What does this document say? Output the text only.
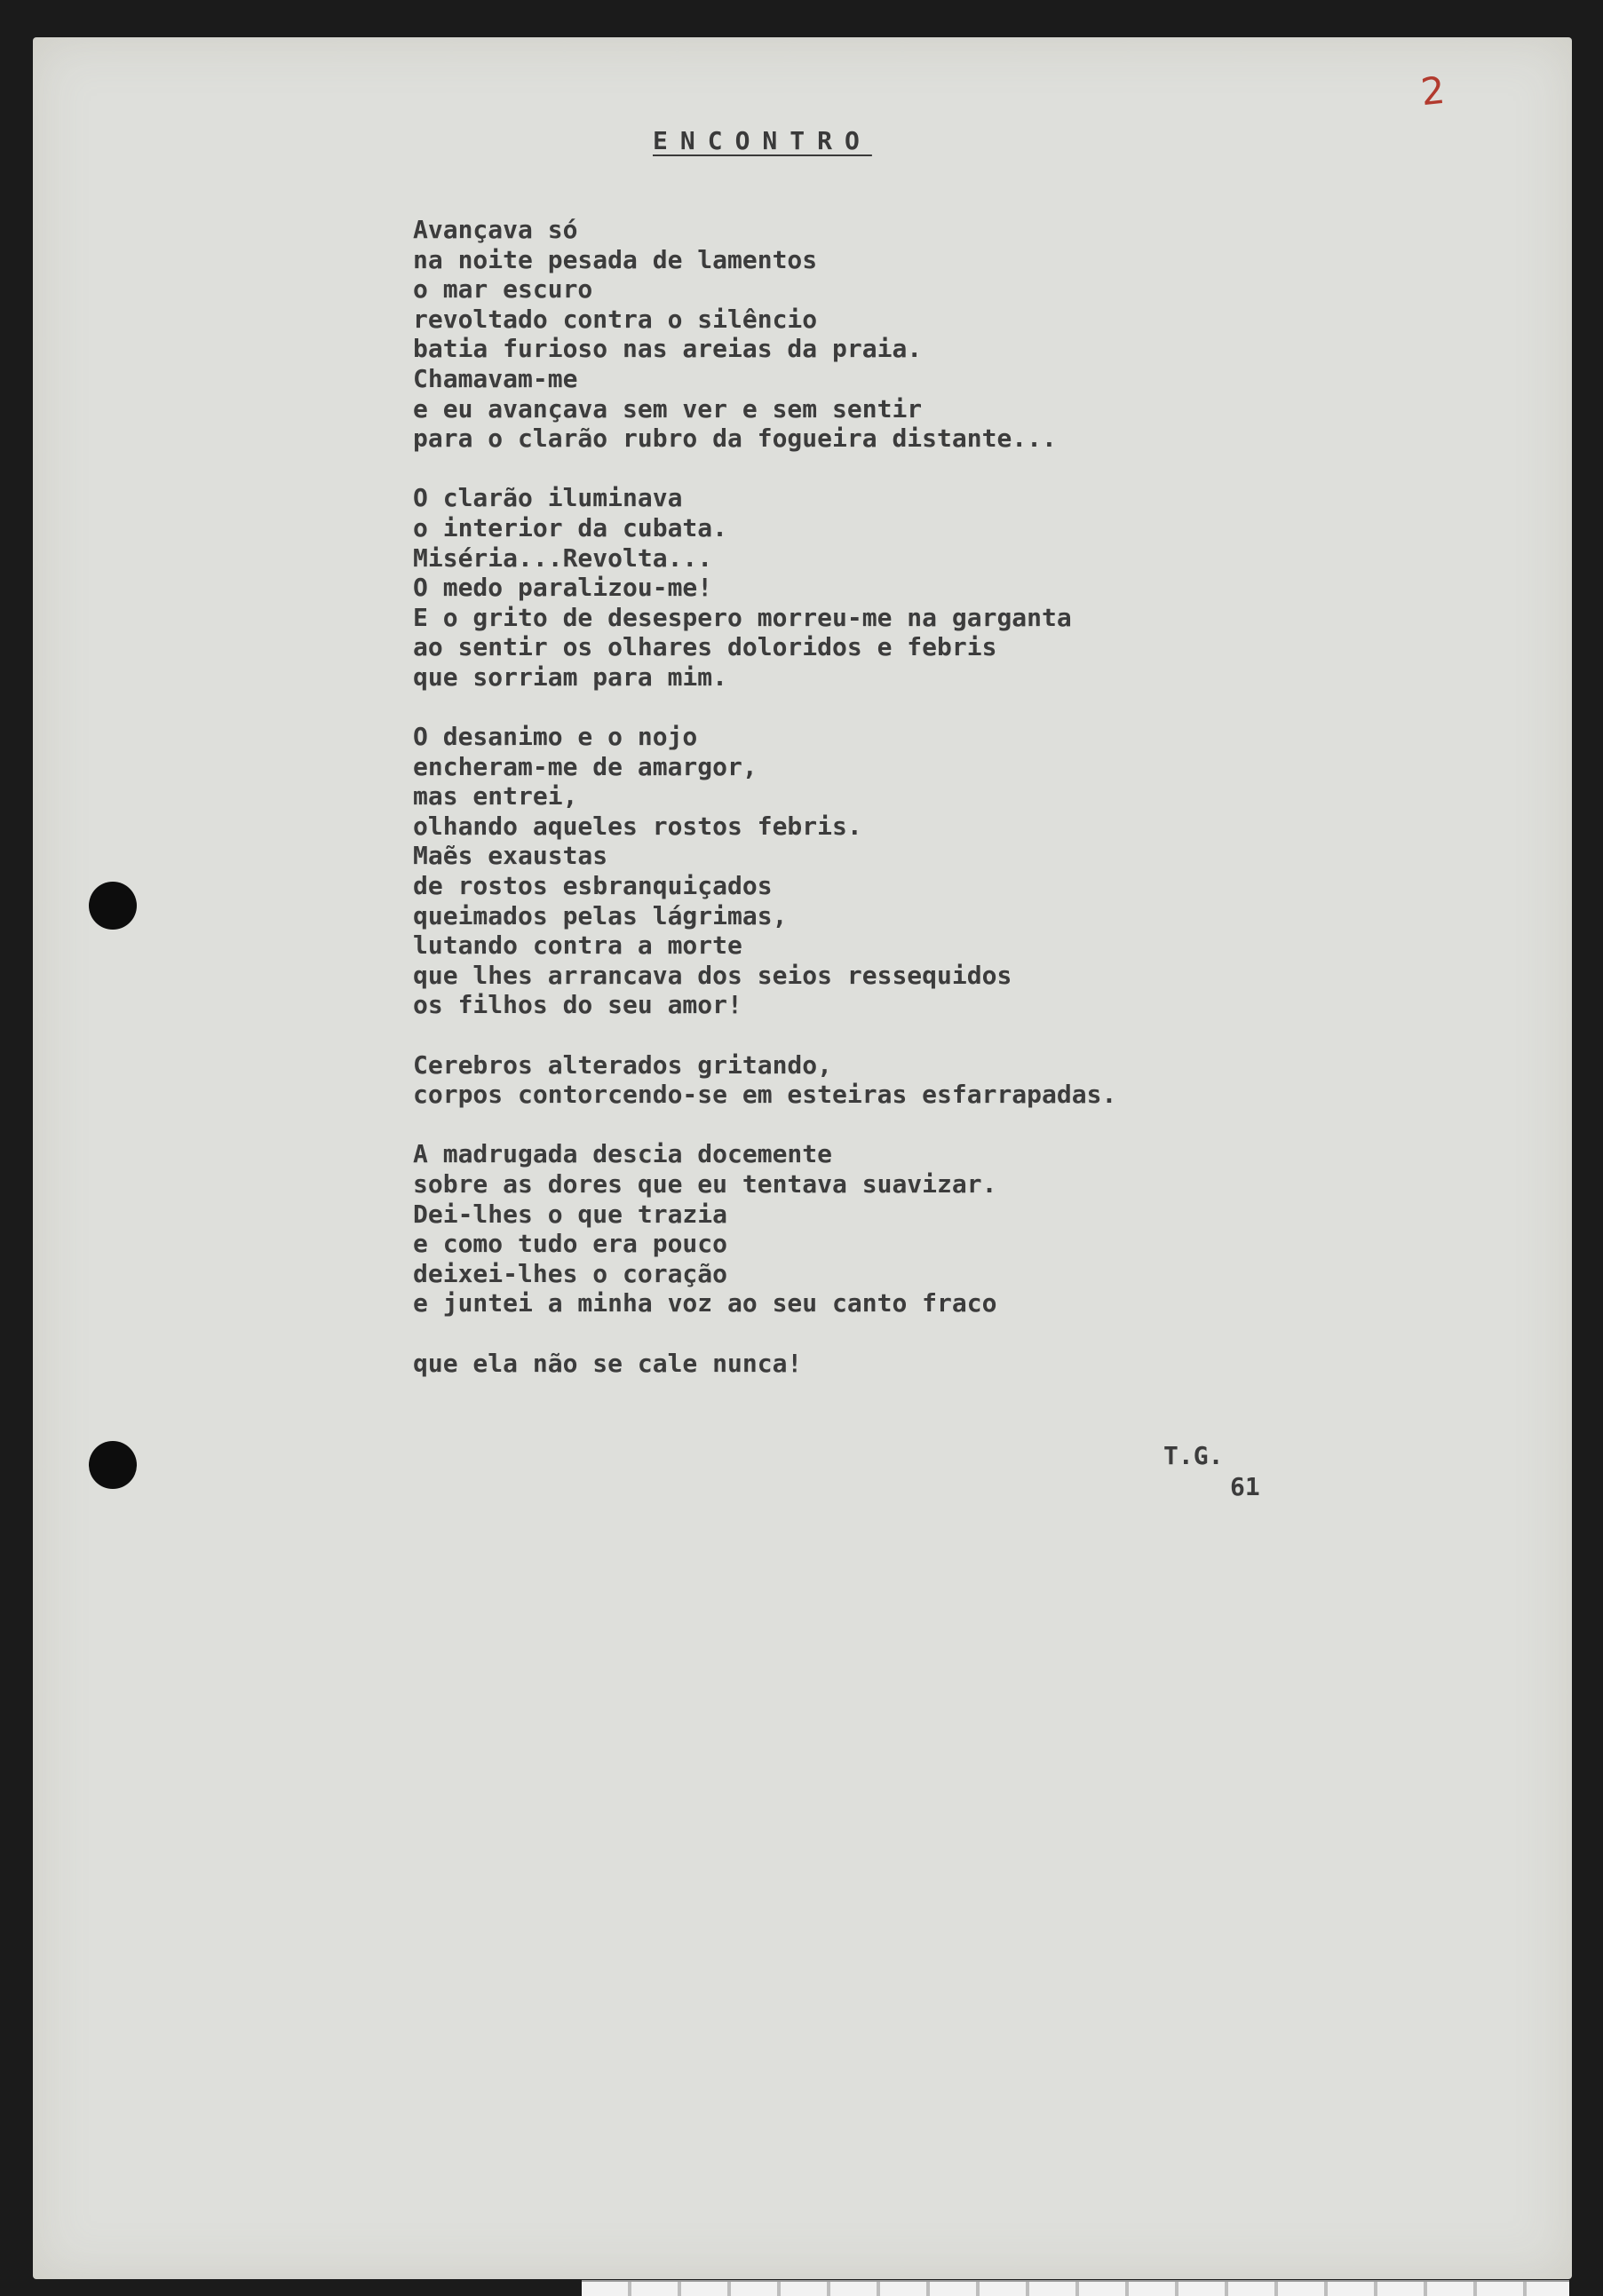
2
ENCONTRO
Avançava só
na noite pesada de lamentos
o mar escuro
revoltado contra o silêncio
batia furioso nas areias da praia.
Chamavam-me
e eu avançava sem ver e sem sentir
para o clarão rubro da fogueira distante...
O clarão iluminava
o interior da cubata.
Miséria...Revolta...
O medo paralizou-me!
E o grito de desespero morreu-me na garganta
ao sentir os olhares doloridos e febris
que sorriam para mim.
O desanimo e o nojo
encheram-me de amargor,
mas entrei,
olhando aqueles rostos febris.
Maẽs exaustas
de rostos esbranquiçados
queimados pelas lágrimas,
lutando contra a morte
que lhes arrancava dos seios ressequidos
os filhos do seu amor!
Cerebros alterados gritando,
corpos contorcendo-se em esteiras esfarrapadas.
A madrugada descia docemente
sobre as dores que eu tentava suavizar.
Dei-lhes o que trazia
e como tudo era pouco
deixei-lhes o coração
e juntei a minha voz ao seu canto fraco
que ela não se cale nunca!
T.G.
61
